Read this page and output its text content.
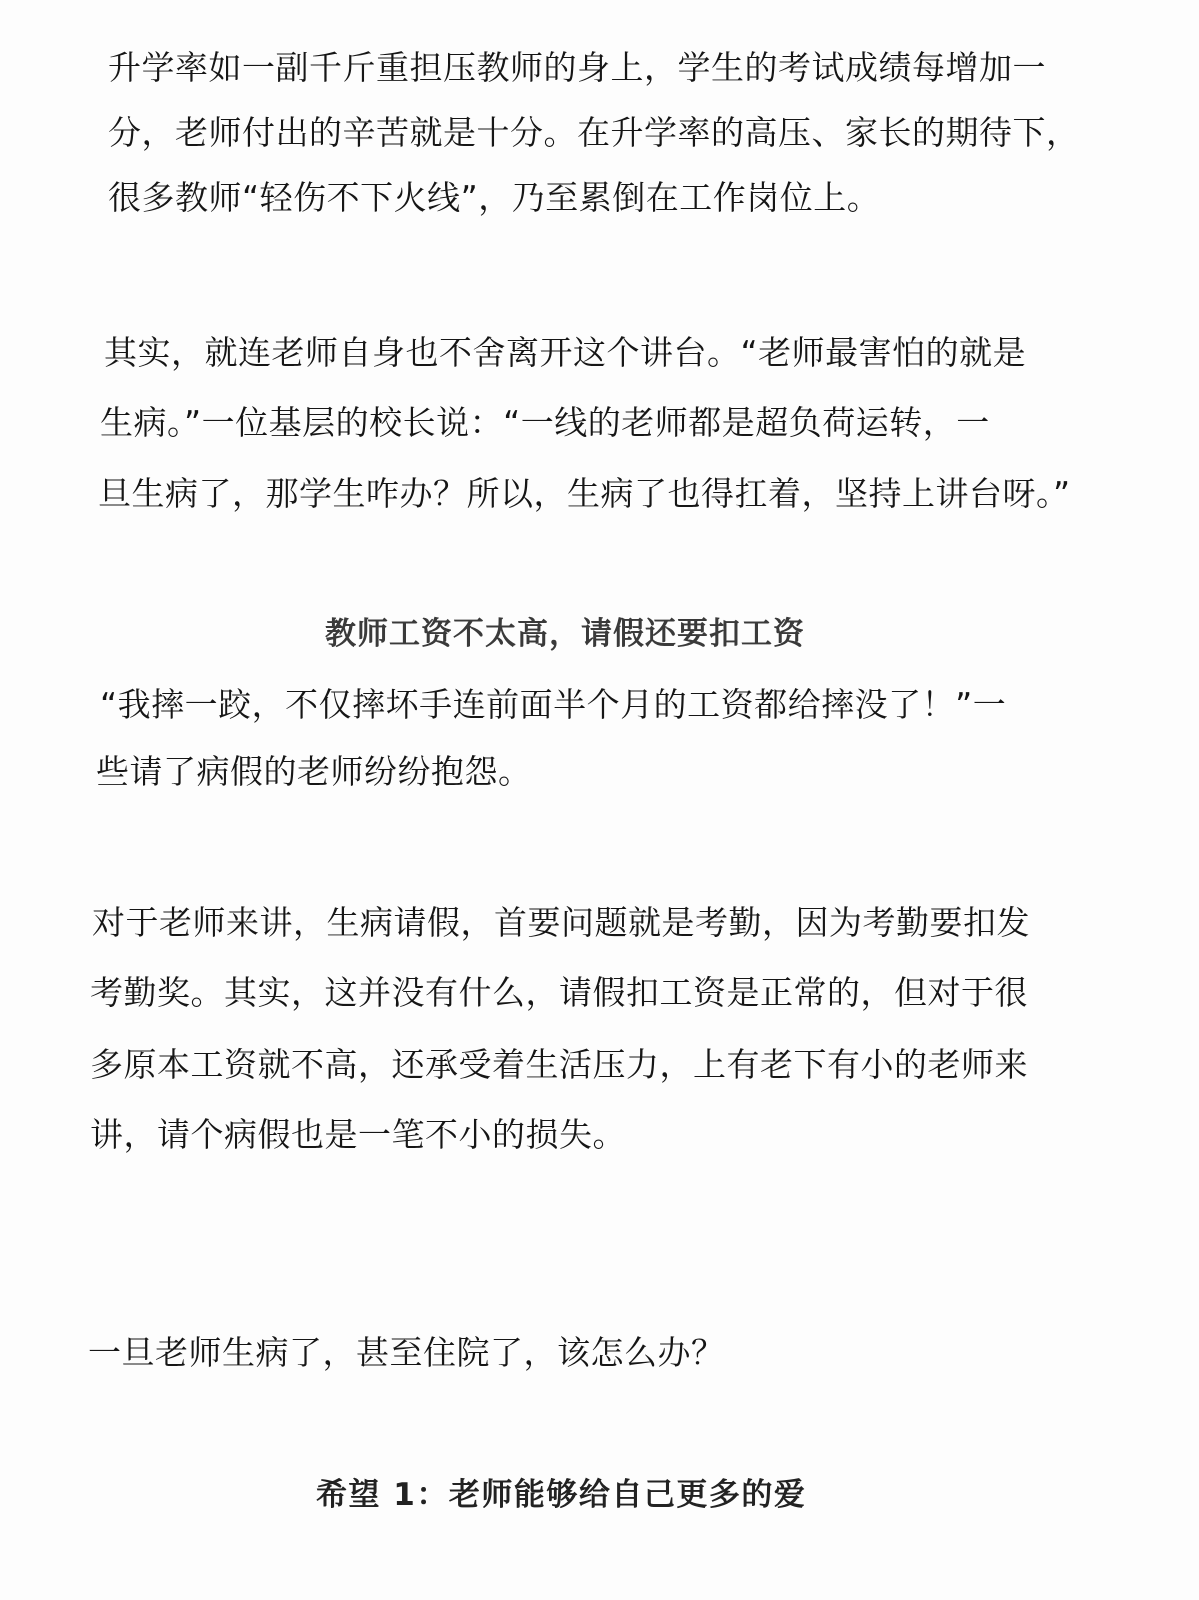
升学率如一副千斤重担压教师的身上，学生的考试成绩每增加一
分，老师付出的辛苦就是十分。在升学率的高压、家长的期待下，
很多教师“轻伤不下火线”，乃至累倒在工作岗位上。
其实，就连老师自身也不舍离开这个讲台。“老师最害怕的就是
生病。”一位基层的校长说：“一线的老师都是超负荷运转，一
旦生病了，那学生咋办？所以，生病了也得扛着，坚持上讲台呀。”
教师工资不太高，请假还要扣工资
“我摔一跤，不仅摔坏手连前面半个月的工资都给摔没了！”一
些请了病假的老师纷纷抱怨。
对于老师来讲，生病请假，首要问题就是考勤，因为考勤要扣发
考勤奖。其实，这并没有什么，请假扣工资是正常的，但对于很
多原本工资就不高，还承受着生活压力，上有老下有小的老师来
讲，请个病假也是一笔不小的损失。
一旦老师生病了，甚至住院了，该怎么办？
希望 1：老师能够给自己更多的爱
